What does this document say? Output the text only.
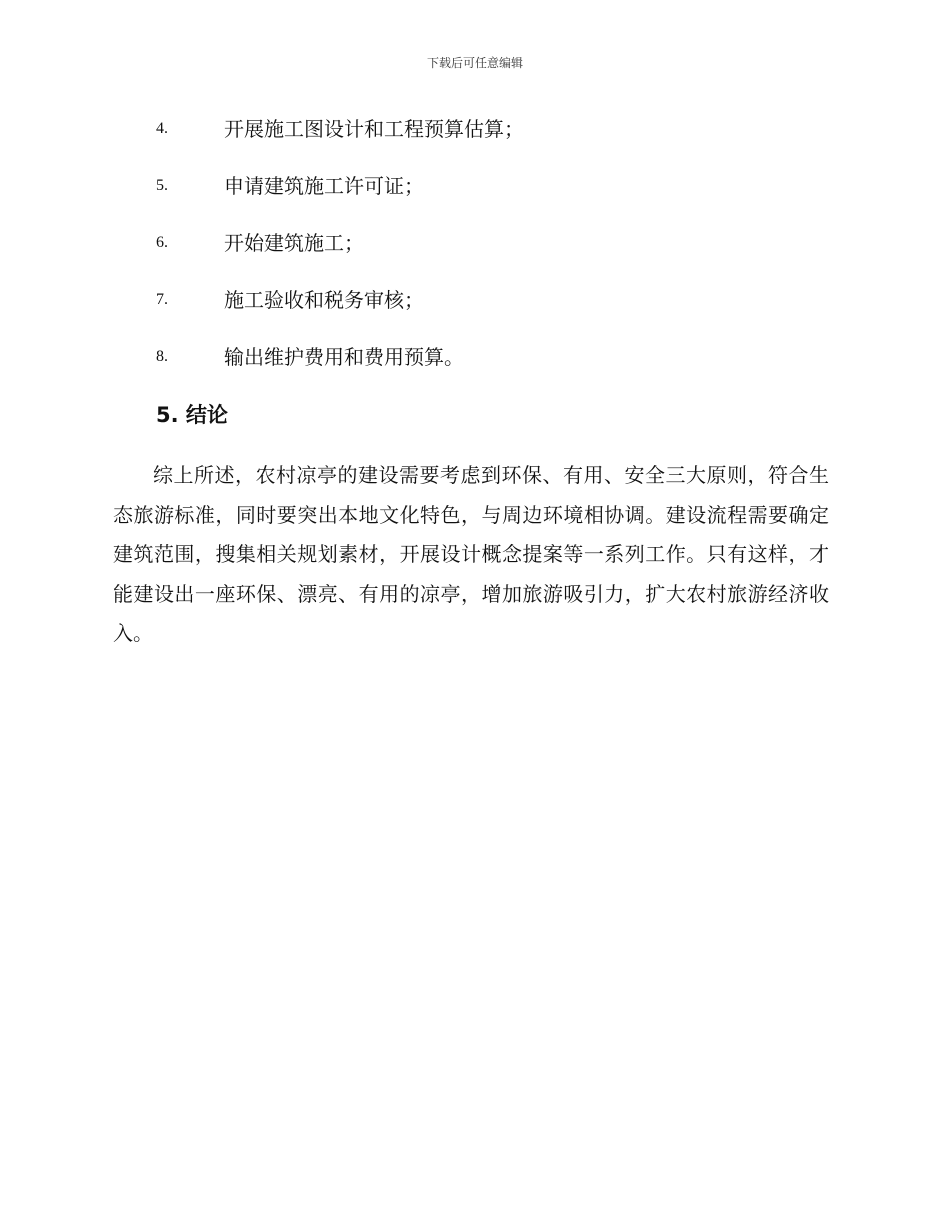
下载后可任意编辑
4.	开展施工图设计和工程预算估算；
5.	申请建筑施工许可证；
6.	开始建筑施工；
7.	施工验收和税务审核；
8.	输出维护费用和费用预算。
5. 结论

综上所述，农村凉亭的建设需要考虑到环保、有用、安全三大原则，符合生态旅游标准，同时要突出本地文化特色，与周边环境相协调。建设流程需要确定建筑范围，搜集相关规划素材，开展设计概念提案等一系列工作。只有这样，才能建设出一座环保、漂亮、有用的凉亭，增加旅游吸引力，扩大农村旅游经济收入。
